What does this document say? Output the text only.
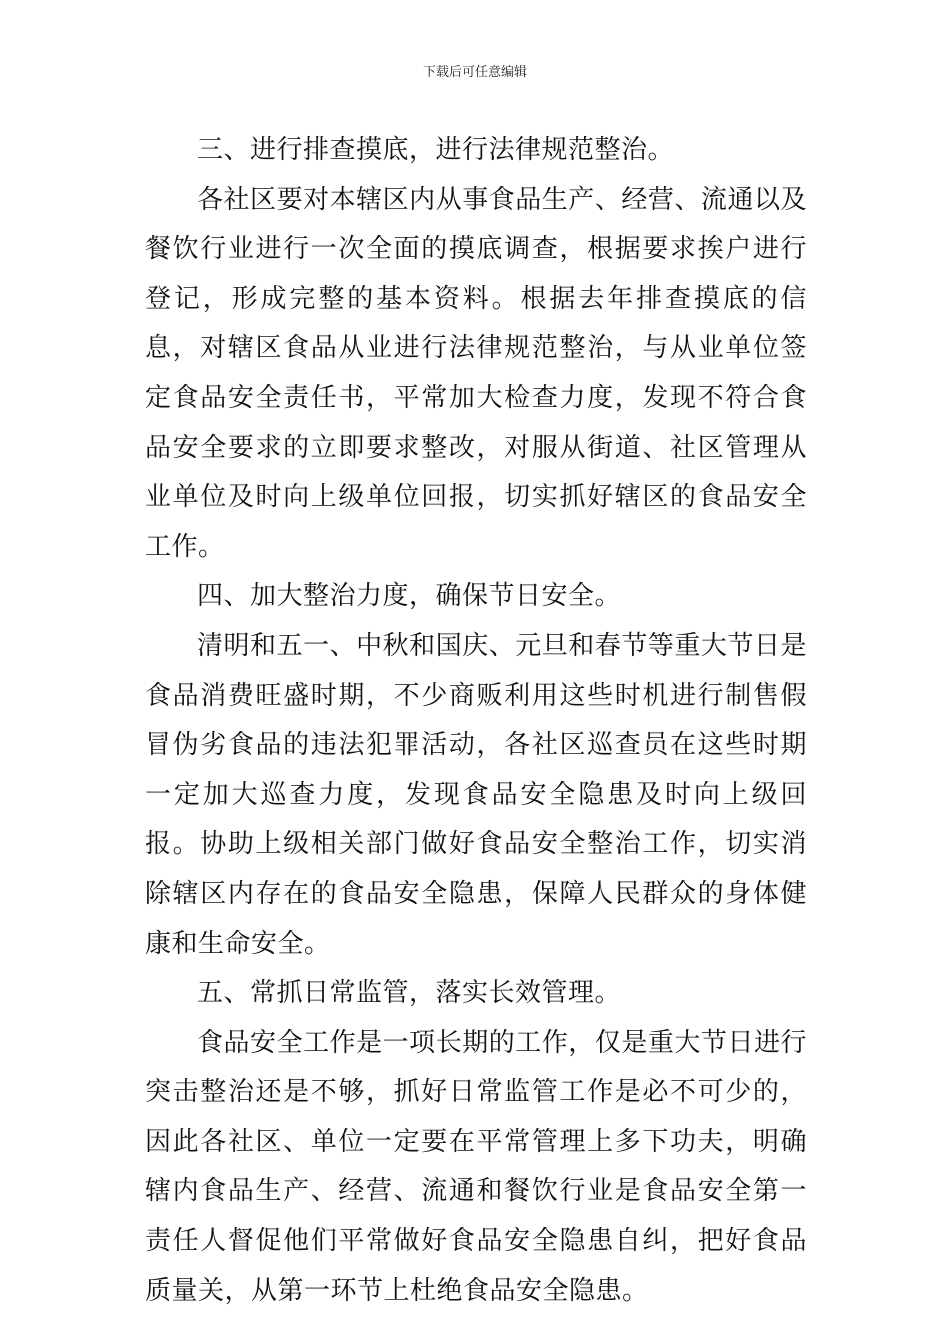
下载后可任意编辑

三、进行排查摸底，进行法律规范整治。

各社区要对本辖区内从事食品生产、经营、流通以及餐饮行业进行一次全面的摸底调查，根据要求挨户进行登记，形成完整的基本资料。根据去年排查摸底的信息，对辖区食品从业进行法律规范整治，与从业单位签定食品安全责任书，平常加大检查力度，发现不符合食品安全要求的立即要求整改，对服从街道、社区管理从业单位及时向上级单位回报，切实抓好辖区的食品安全工作。

四、加大整治力度，确保节日安全。

清明和五一、中秋和国庆、元旦和春节等重大节日是食品消费旺盛时期，不少商贩利用这些时机进行制售假冒伪劣食品的违法犯罪活动，各社区巡查员在这些时期一定加大巡查力度，发现食品安全隐患及时向上级回报。协助上级相关部门做好食品安全整治工作，切实消除辖区内存在的食品安全隐患，保障人民群众的身体健康和生命安全。

五、常抓日常监管，落实长效管理。

食品安全工作是一项长期的工作，仅是重大节日进行突击整治还是不够，抓好日常监管工作是必不可少的，因此各社区、单位一定要在平常管理上多下功夫，明确辖内食品生产、经营、流通和餐饮行业是食品安全第一责任人督促他们平常做好食品安全隐患自纠，把好食品质量关，从第一环节上杜绝食品安全隐患。
